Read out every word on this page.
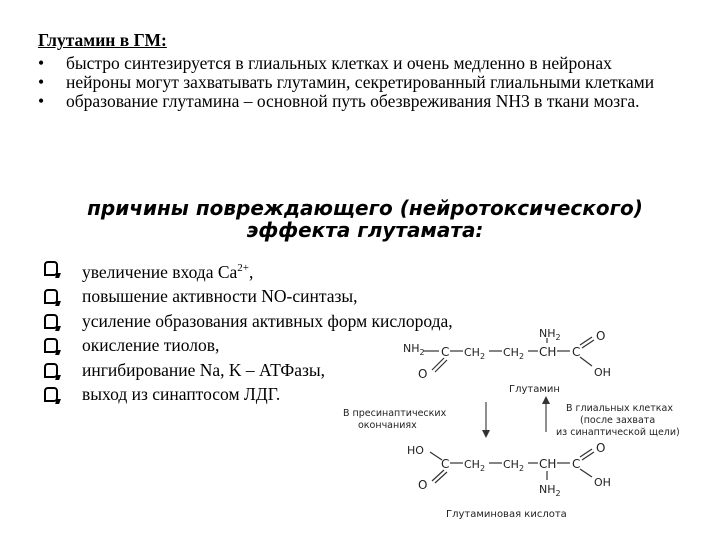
Глутамин в ГМ:
• быстро синтезируется в глиальных клетках и очень медленно в нейронах
• нейроны могут захватывать глутамин, секретированный глиальными клетками
• образование глутамина – основной путь обезвреживания NH3 в ткани мозга.
причины повреждающего (нейротоксического)
эффекта глутамата:
увеличение входа $Са^{2+}$,
повышение активности NO-синтазы,
усиление образования активных форм кислорода,
окисление тиолов,
ингибирование Na, K – АТФазы,
выход из синаптосом ЛДГ.
$NH_2$ C $CH_2$ $CH_2$ CH
$NH_2$
C
O
O
OH
Глутамин
В пресинаптических
окончаниях
В глиальных клетках
(после захвата
из синаптической щели)
HO
C $CH_2$ $CH_2$ CH
$NH_2$
C
O
O
OH
Глутаминовая кислота
